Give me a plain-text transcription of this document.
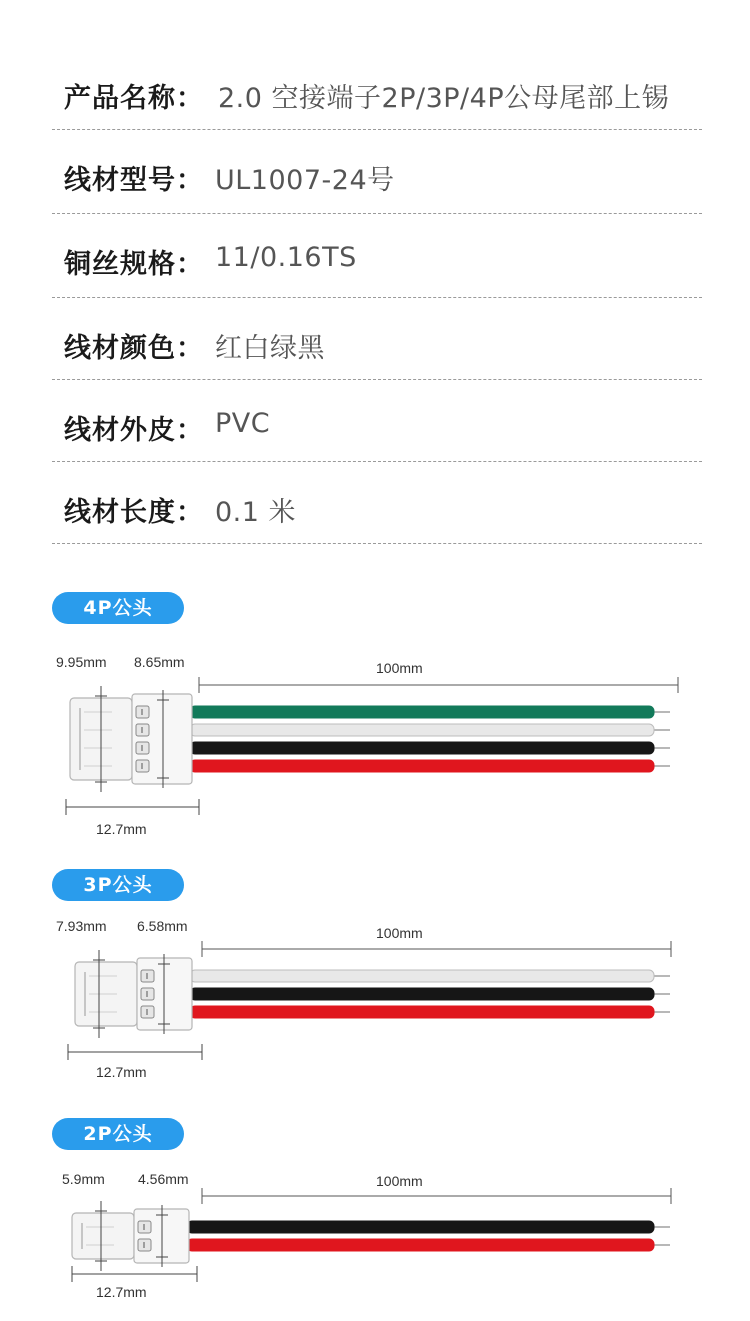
产品名称： 2.0 空接端子2P/3P/4P公母尾部上锡
线材型号： UL1007-24号
铜丝规格： 11/0.16TS
线材颜色： 红白绿黑
线材外皮： PVC
线材长度： 0.1 米
4P公头
9.95mm 8.65mm	100mm
12.7mm
3P公头
7.93mm 6.58mm	100mm
12.7mm
2P公头
5.9mm 4.56mm	100mm
12.7mm
